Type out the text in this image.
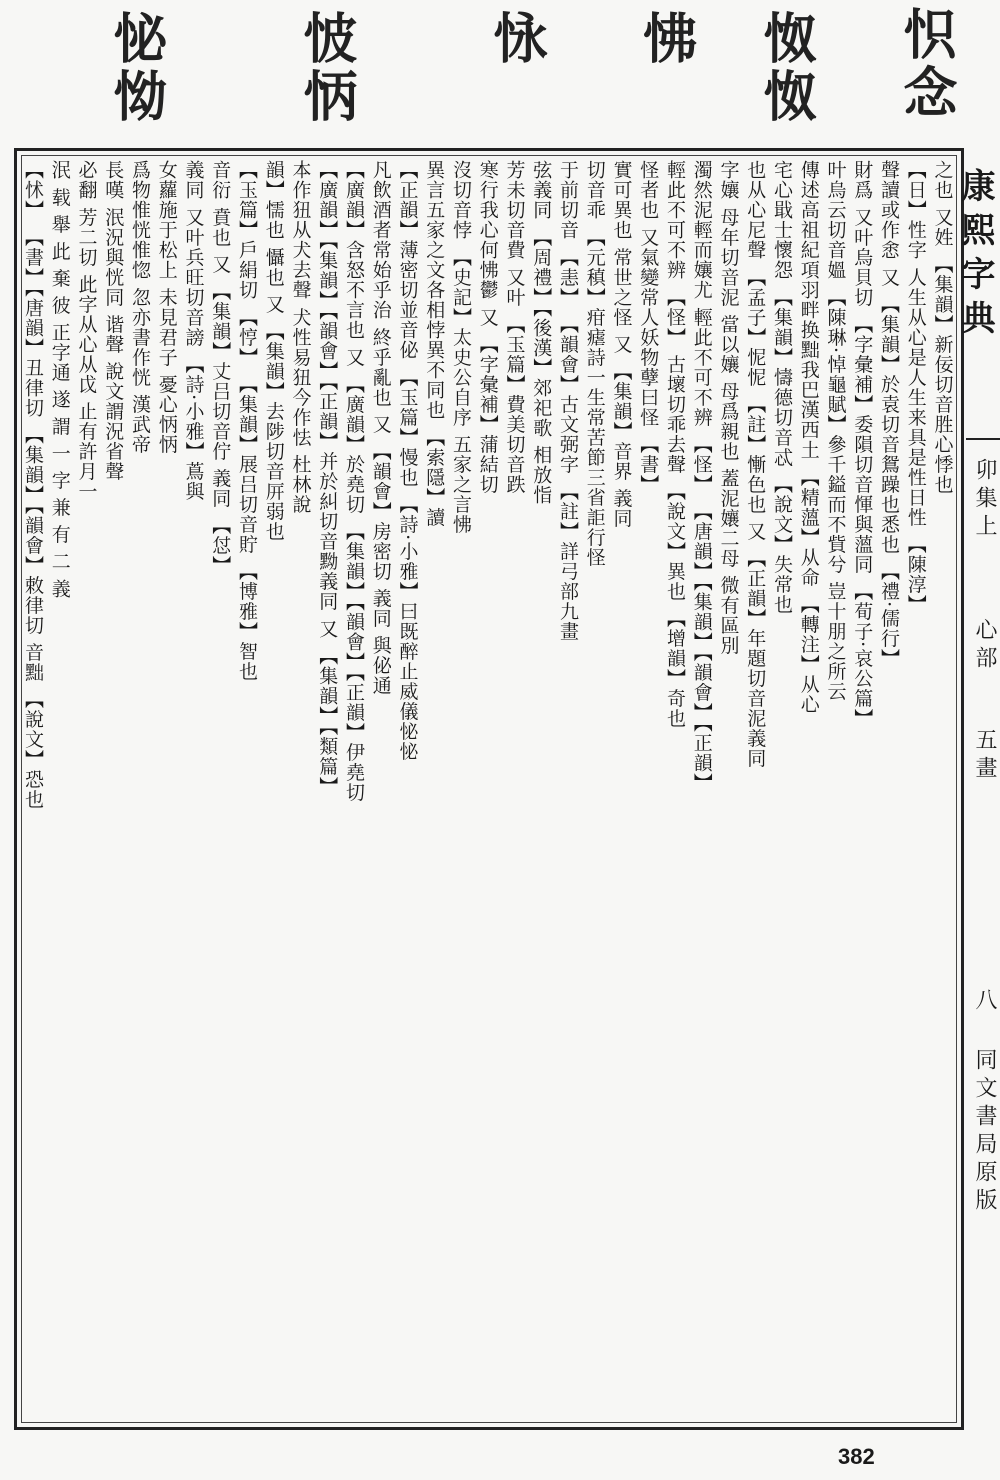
怾念
怓怓
怫
怺
怶怲
怭怮
康熙字典
卯集上
心部
五畫
八
同文書局原版
之也 又姓 【集韻】新佞切音胜心悸也
【日】性字 人生从心是人生来具是性日性 【陳淳】
聲讀或作悆 又 【集韻】於袁切音鴛躁也悉也 【禮·儒行】
財爲 又叶烏貝切 【字彙補】委隕切音惲與薀同 【荀子·哀公篇】
叶烏云切音媼 【陳琳·悼龜賦】參千鎰而不貲兮 豈十朋之所云
傳述高祖紀項羽畔换黜我巴漢西土 【精薀】从命 【轉注】从心
宅心戢士懷怨 【集韻】懤德切音忒 【說文】失常也
也从心尼聲 【孟子】怩怩 【註】慚色也 又 【正韻】年題切音泥義同
字孃 母年切音泥 當以孃 母爲親也 蓋泥孃二母 微有區別
濁然泥輕而孃尤 輕此不可不辨 【怪】 【唐韻】【集韻】【韻會】【正韻】
輕此不可不辨 【怪】 古壞切乖去聲 【說文】異也 【增韻】奇也
怪者也 又氣變常人妖物孽曰怪 【書】
實可異也 常世之怪 又 【集韻】音界 義同
切音乖 【元稹】疳瘧詩一生常苦節三省詎行怪
于前切音 【恚】 【韻會】古文弼字 【註】詳弓部九畫
弦義同 【周禮】【後漢】郊祀歌 相放恉
芳未切音費 又叶 【玉篇】費美切音跌
寒行我心何怫鬱 又 【字彙補】蒲結切
沒切音悖 【史記】太史公自序 五家之言怫
異言五家之文各相悖異不同也 【索隱】讀
【正韻】薄密切並音佖 【玉篇】慢也 【詩·小雅】曰既醉止威儀怭怭
凡飲酒者常始乎治 終乎亂也 又 【韻會】房密切 義同 與佖通
【廣韻】含怒不言也 又 【廣韻】於堯切 【集韻】【韻會】【正韻】伊堯切
【廣韻】【集韻】【韻會】【正韻】并於糾切音黝義同 又 【集韻】【類篇】
本作狃从犬去聲 犬性易狃今作怯 杜林說
韻】懦也 懾也 又 【集韻】去陟切音㕃弱也
【玉篇】戶絹切 【悙】 【集韻】展吕切音貯 【博雅】智也
音衍 賁也 又 【集韻】丈吕切音佇 義同 【怤】
義同 又叶兵旺切音謗 【詩·小雅】蔦與
女蘿施于松上 未見君子 憂心怲怲
爲物惟恍惟惚 忽亦書作恍 漢武帝
長嘆 泯況與恍同 谐聲 說文謂況省聲
必翻 芳二切 此字从心从戉 止有許月一
泯 载 舉 此 棄 彼 正字通 遂 謂 一 字 兼 有 二 義
【怵】 【書】【唐韻】丑律切 【集韻】【韻會】敕律切 音黜 【說文】恐也
382
